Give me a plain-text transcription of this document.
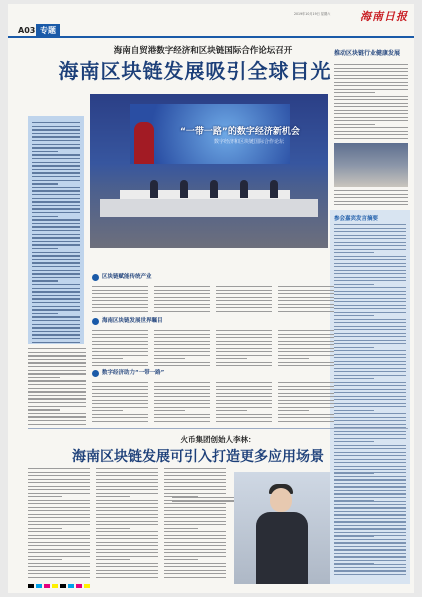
A03 专题
2019年10月19日 星期六	海南日报
海南自贸港数字经济和区块链国际合作论坛召开
海南区块链发展吸引全球目光
“一带一路”的数字经济新机会
数字经济和区块链国际合作论坛
推动区块链行业健康发展
参会嘉宾发言摘要
区块链赋能传统产业
海南区块链发展世界瞩目
数字经济助力“一带一路”
火币集团创始人李林：
海南区块链发展可引入打造更多应用场景
